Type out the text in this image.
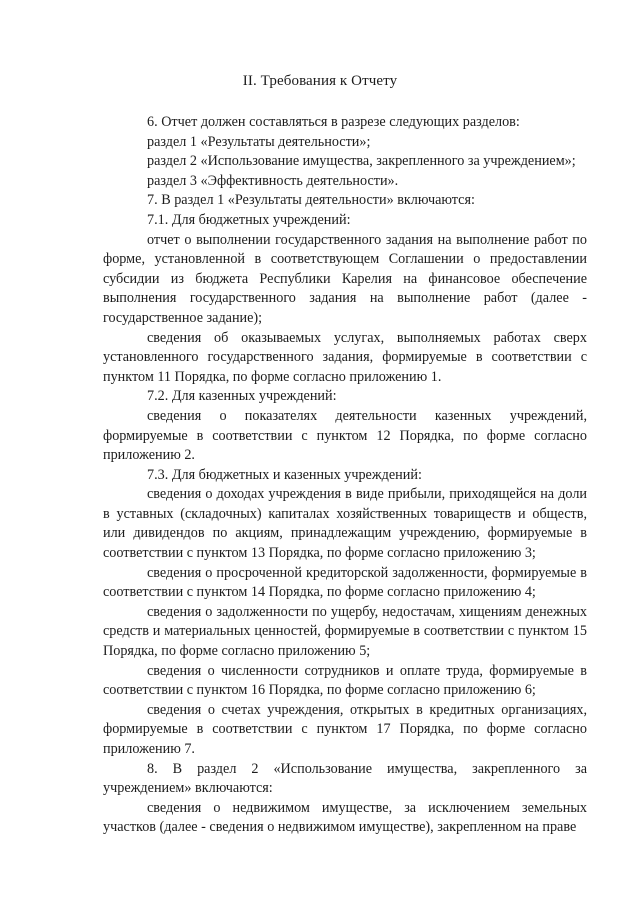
II. Требования к Отчету

6. Отчет должен составляться в разрезе следующих разделов:

раздел 1 «Результаты деятельности»;

раздел 2 «Использование имущества, закрепленного за учреждением»;

раздел 3 «Эффективность деятельности».

7. В раздел 1 «Результаты деятельности» включаются:

7.1. Для бюджетных учреждений:

отчет о выполнении государственного задания на выполнение работ по форме, установленной в соответствующем Соглашении о предоставлении субсидии из бюджета Республики Карелия на финансовое обеспечение выполнения государственного задания на выполнение работ (далее - государственное задание);

сведения об оказываемых услугах, выполняемых работах сверх установленного государственного задания, формируемые в соответствии с пунктом 11 Порядка, по форме согласно приложению 1.

7.2. Для казенных учреждений:

сведения о показателях деятельности казенных учреждений, формируемые в соответствии с пунктом 12 Порядка, по форме согласно приложению 2.

7.3. Для бюджетных и казенных учреждений:

сведения о доходах учреждения в виде прибыли, приходящейся на доли в уставных (складочных) капиталах хозяйственных товариществ и обществ, или дивидендов по акциям, принадлежащим учреждению, формируемые в соответствии с пунктом 13 Порядка, по форме согласно приложению 3;

сведения о просроченной кредиторской задолженности, формируемые в соответствии с пунктом 14 Порядка, по форме согласно приложению 4;

сведения о задолженности по ущербу, недостачам, хищениям денежных средств и материальных ценностей, формируемые в соответствии с пунктом 15 Порядка, по форме согласно приложению 5;

сведения о численности сотрудников и оплате труда, формируемые в соответствии с пунктом 16 Порядка, по форме согласно приложению 6;

сведения о счетах учреждения, открытых в кредитных организациях, формируемые в соответствии с пунктом 17 Порядка, по форме согласно приложению 7.

8. В раздел 2 «Использование имущества, закрепленного за учреждением» включаются:

сведения о недвижимом имуществе, за исключением земельных участков (далее - сведения о недвижимом имуществе), закрепленном на праве
